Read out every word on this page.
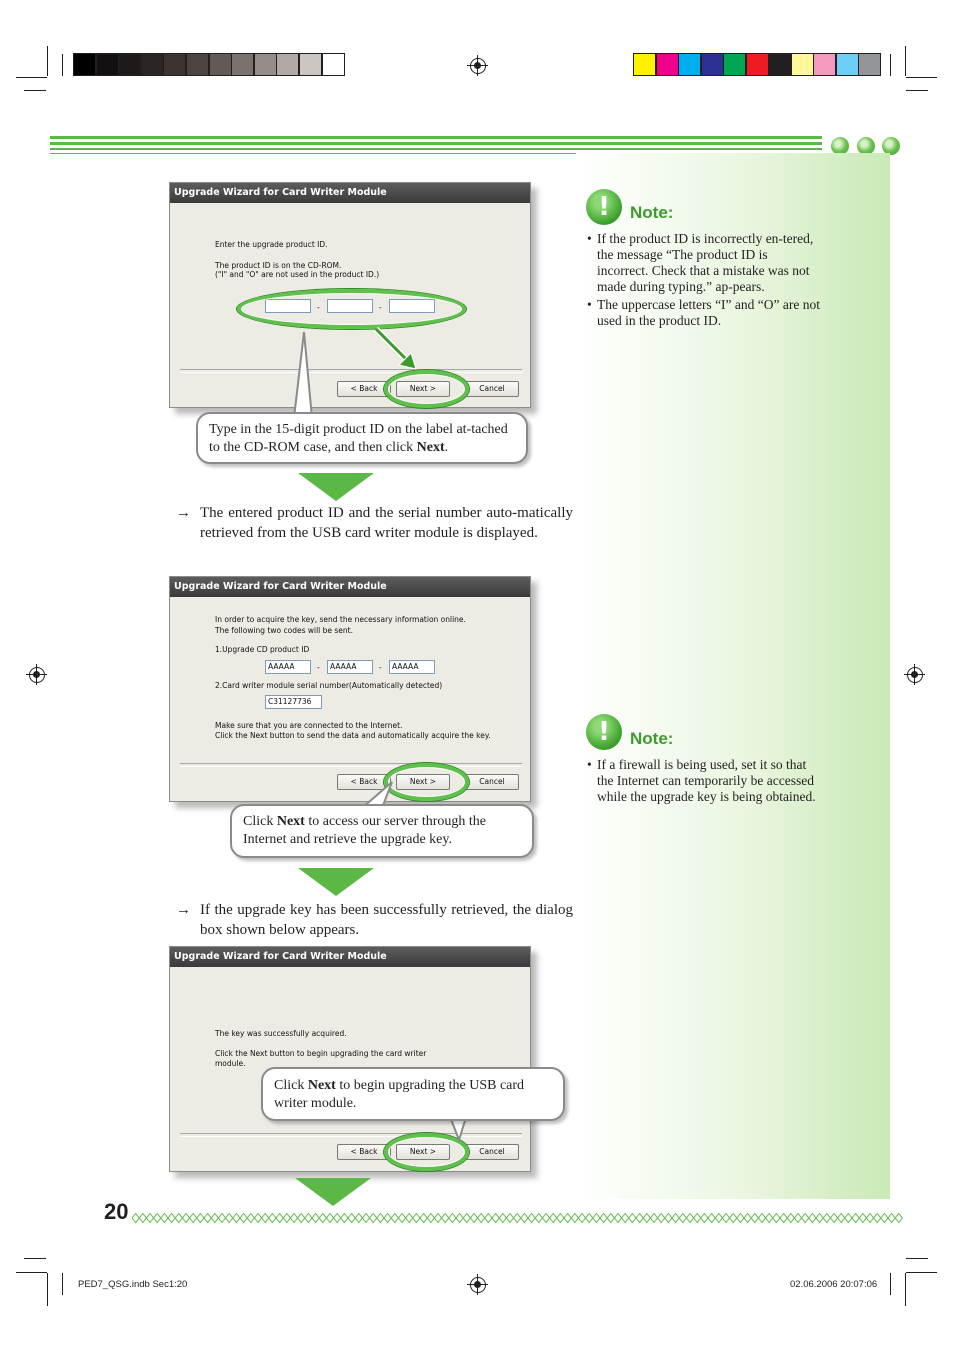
Upgrade Wizard for Card Writer Module
Enter the upgrade product ID.
The product ID is on the CD-ROM.
("I" and "O" are not used in the product ID.)
-	-
< Back	Next >	Cancel
Type in the 15-digit product ID on the label at-tached to the CD-ROM case, and then click Next.
→ The entered product ID and the serial number auto-matically retrieved from the USB card writer module is displayed.
Upgrade Wizard for Card Writer Module
In order to acquire the key, send the necessary information online.
The following two codes will be sent.
1.Upgrade CD product ID
AAAAA	-	AAAAA	-	AAAAA
2.Card writer module serial number(Automatically detected)
C31127736
Make sure that you are connected to the Internet.
Click the Next button to send the data and automatically acquire the key.
< Back	Next >	Cancel
Click Next to access our server through the Internet and retrieve the upgrade key.
→ If the upgrade key has been successfully retrieved, the dialog box shown below appears.
Upgrade Wizard for Card Writer Module
The key was successfully acquired.
Click the Next button to begin upgrading the card writer
module.
< Back	Next >	Cancel
Click Next to begin upgrading the USB card writer module.
!	Note:
• If the product ID is incorrectly en-tered, the message “The product ID is incorrect. Check that a mistake was not made during typing.” ap-pears.
• The uppercase letters “I” and “O” are not used in the product ID.
!	Note:
• If a firewall is being used, set it so that the Internet can temporarily be accessed while the upgrade key is being obtained.
20
PED7_QSG.indb Sec1:20	02.06.2006 20:07:06
